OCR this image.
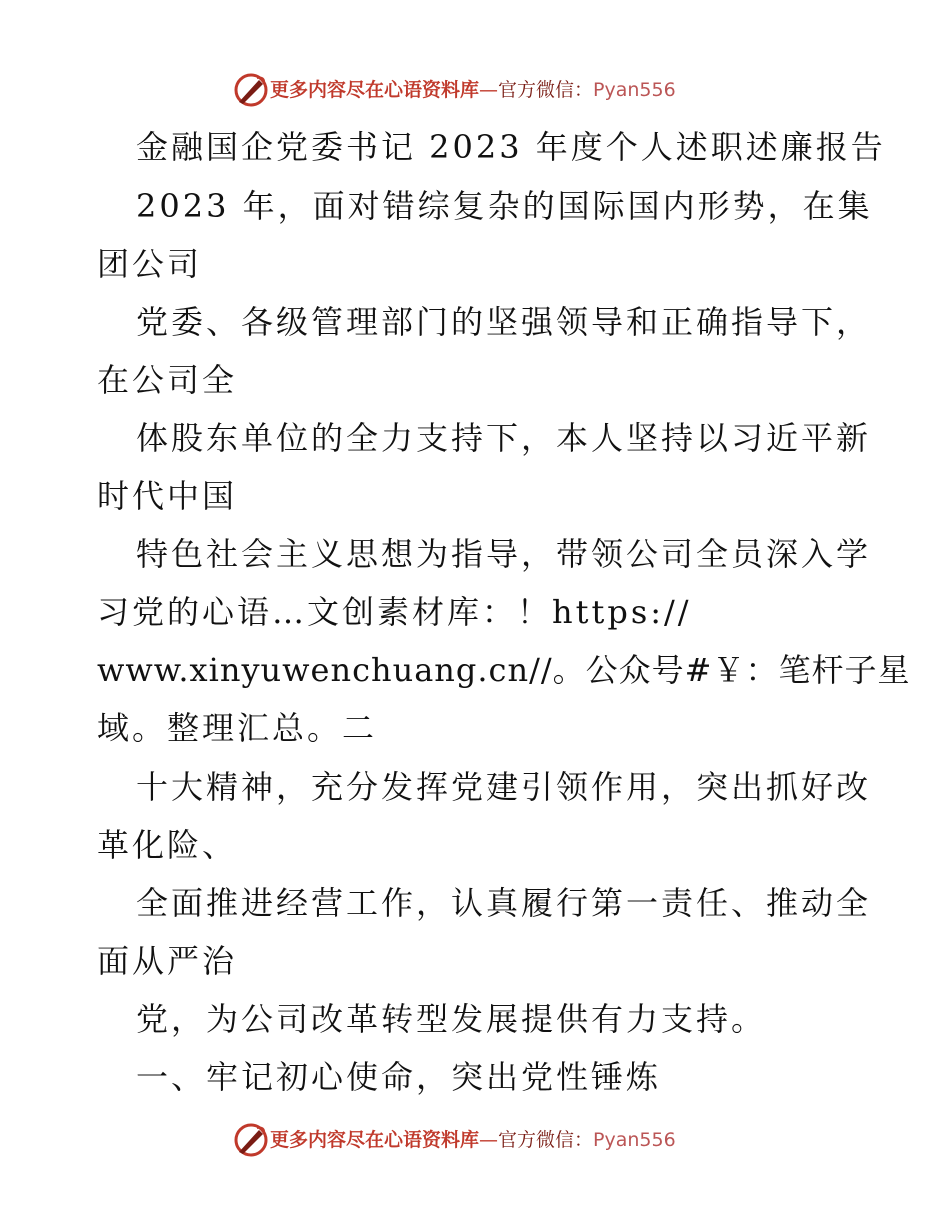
更多内容尽在心语资料库—官方微信：Pyan556
金融国企党委书记 2023 年度个人述职述廉报告
2023 年，面对错综复杂的国际国内形势，在集
团公司
党委、各级管理部门的坚强领导和正确指导下，
在公司全
体股东单位的全力支持下，本人坚持以习近平新
时代中国
特色社会主义思想为指导，带领公司全员深入学
习党的心语…文创素材库：！https://
www.xinyuwenchuang.cn//。公众号#￥：笔杆子星
域。整理汇总。二
十大精神，充分发挥党建引领作用，突出抓好改
革化险、
全面推进经营工作，认真履行第一责任、推动全
面从严治
党，为公司改革转型发展提供有力支持。
一、牢记初心使命，突出党性锤炼
更多内容尽在心语资料库—官方微信：Pyan556
